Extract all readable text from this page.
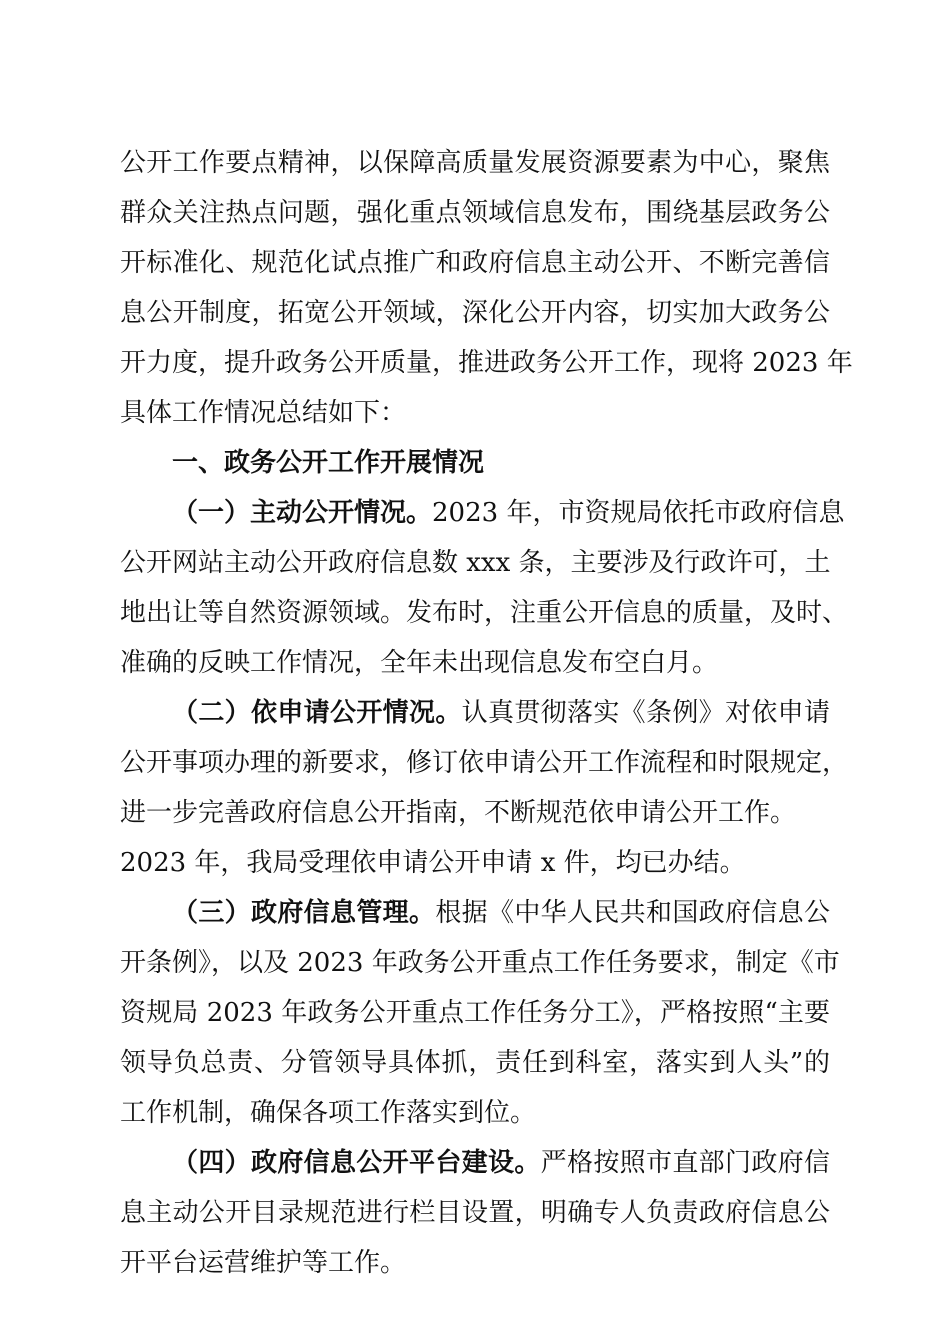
公开工作要点精神，以保障高质量发展资源要素为中心，聚焦
群众关注热点问题，强化重点领域信息发布，围绕基层政务公
开标准化、规范化试点推广和政府信息主动公开、不断完善信
息公开制度，拓宽公开领域，深化公开内容，切实加大政务公
开力度，提升政务公开质量，推进政务公开工作，现将 2023 年
具体工作情况总结如下：
一、政务公开工作开展情况
（一）主动公开情况。2023 年，市资规局依托市政府信息
公开网站主动公开政府信息数 xxx 条，主要涉及行政许可，土
地出让等自然资源领域。发布时，注重公开信息的质量，及时、
准确的反映工作情况，全年未出现信息发布空白月。
（二）依申请公开情况。认真贯彻落实《条例》对依申请
公开事项办理的新要求，修订依申请公开工作流程和时限规定，
进一步完善政府信息公开指南，不断规范依申请公开工作。
2023 年，我局受理依申请公开申请 x 件，均已办结。
（三）政府信息管理。根据《中华人民共和国政府信息公
开条例》，以及 2023 年政务公开重点工作任务要求，制定《市
资规局 2023 年政务公开重点工作任务分工》，严格按照“主要
领导负总责、分管领导具体抓，责任到科室，落实到人头”的
工作机制，确保各项工作落实到位。
（四）政府信息公开平台建设。严格按照市直部门政府信
息主动公开目录规范进行栏目设置，明确专人负责政府信息公
开平台运营维护等工作。
